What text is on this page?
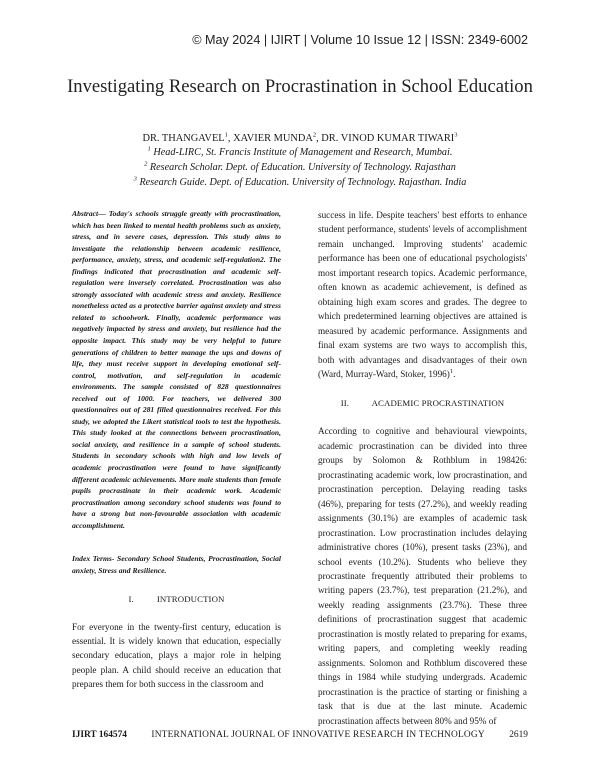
© May 2024 | IJIRT | Volume 10 Issue 12 | ISSN: 2349-6002
Investigating Research on Procrastination in School Education
DR. THANGAVEL$^1$, XAVIER MUNDA$^2$, DR. VINOD KUMAR TIWARI$^3$
$^1$ Head-LIRC, St. Francis Institute of Management and Research, Mumbai.
$^2$ Research Scholar. Dept. of Education. University of Technology. Rajasthan
$^3$ Research Guide. Dept. of Education. University of Technology. Rajasthan. India

Abstract— Today's schools struggle greatly with procrastination, which has been linked to mental health problems such as anxiety, stress, and in severe cases, depression. This study aims to investigate the relationship between academic resilience, performance, anxiety, stress, and academic self-regulation2. The findings indicated that procrastination and academic self-regulation were inversely correlated. Procrastination was also strongly associated with academic stress and anxiety. Resilience nonetheless acted as a protective barrier against anxiety and stress related to schoolwork. Finally, academic performance was negatively impacted by stress and anxiety, but resilience had the opposite impact. This study may be very helpful to future generations of children to better manage the ups and downs of life, they must receive support in developing emotional self-control, motivation, and self-regulation in academic environments. The sample consisted of 828 questionnaires received out of 1000. For teachers, we delivered 300 questionnaires out of 281 filled questionnaires received. For this study, we adopted the Likert statistical tools to test the hypothesis. This study looked at the connections between procrastination, social anxiety, and resilience in a sample of school students. Students in secondary schools with high and low levels of academic procrastination were found to have significantly different academic achievements. More male students than female pupils procrastinate in their academic work. Academic procrastination among secondary school students was found to have a strong but non-favourable association with academic accomplishment.

Index Terms- Secondary School Students, Procrastination, Social anxiety, Stress and Resilience.

I.          INTRODUCTION

For everyone in the twenty-first century, education is essential. It is widely known that education, especially secondary education, plays a major role in helping people plan. A child should receive an education that prepares them for both success in the classroom and

success in life. Despite teachers' best efforts to enhance student performance, students' levels of accomplishment remain unchanged. Improving students' academic performance has been one of educational psychologists' most important research topics. Academic performance, often known as academic achievement, is defined as obtaining high exam scores and grades. The degree to which predetermined learning objectives are attained is measured by academic performance. Assignments and final exam systems are two ways to accomplish this, both with advantages and disadvantages of their own (Ward, Murray-Ward, Stoker, 1996)$^1$.

II.          ACADEMIC PROCRASTINATION

According to cognitive and behavioural viewpoints, academic procrastination can be divided into three groups by Solomon & Rothblum in 198426: procrastinating academic work, low procrastination, and procrastination perception. Delaying reading tasks (46%), preparing for tests (27.2%), and weekly reading assignments (30.1%) are examples of academic task procrastination. Low procrastination includes delaying administrative chores (10%), present tasks (23%), and school events (10.2%). Students who believe they procrastinate frequently attributed their problems to writing papers (23.7%), test preparation (21.2%), and weekly reading assignments (23.7%). These three definitions of procrastination suggest that academic procrastination is mostly related to preparing for exams, writing papers, and completing weekly reading assignments. Solomon and Rothblum discovered these things in 1984 while studying undergrads. Academic procrastination is the practice of starting or finishing a task that is due at the last minute. Academic procrastination affects between 80% and 95% of

IJIRT 164574	INTERNATIONAL JOURNAL OF INNOVATIVE RESEARCH IN TECHNOLOGY	2619
